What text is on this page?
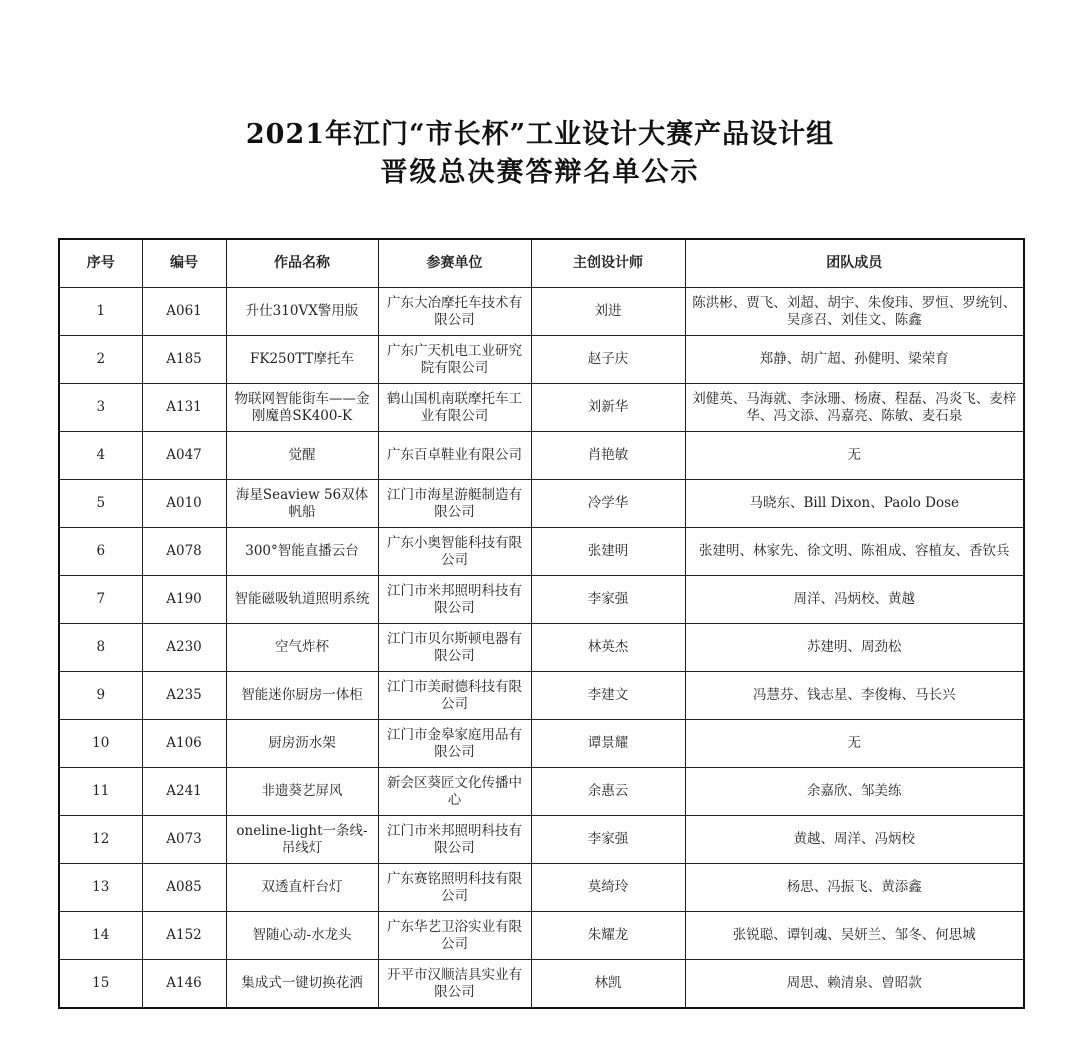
2021年江门“市长杯”工业设计大赛产品设计组
晋级总决赛答辩名单公示
序号	编号	作品名称	参赛单位	主创设计师	团队成员
1	A061	升仕310VX警用版	广东大冶摩托车技术有限公司	刘进	陈洪彬、贾飞、刘超、胡宇、朱俊玮、罗恒、罗统钊、吴彦召、刘佳文、陈鑫
2	A185	FK250TT摩托车	广东广天机电工业研究院有限公司	赵子庆	郑静、胡广超、孙健明、梁荣育
3	A131	物联网智能街车——金刚魔兽SK400-K	鹤山国机南联摩托车工业有限公司	刘新华	刘健英、马海就、李泳珊、杨赓、程磊、冯炎飞、麦梓华、冯文添、冯嘉亮、陈敏、麦石泉
4	A047	觉醒	广东百卓鞋业有限公司	肖艳敏	无
5	A010	海星Seaview 56双体帆船	江门市海星游艇制造有限公司	冷学华	马晓东、Bill Dixon、Paolo Dose
6	A078	300°智能直播云台	广东小奥智能科技有限公司	张建明	张建明、林家先、徐文明、陈祖成、容植友、香钦兵
7	A190	智能磁吸轨道照明系统	江门市米邦照明科技有限公司	李家强	周洋、冯炳校、黄越
8	A230	空气炸杯	江门市贝尔斯顿电器有限公司	林英杰	苏建明、周劲松
9	A235	智能迷你厨房一体柜	江门市美耐德科技有限公司	李建文	冯慧芬、钱志星、李俊梅、马长兴
10	A106	厨房沥水架	江门市金皋家庭用品有限公司	谭景耀	无
11	A241	非遗葵艺屏风	新会区葵匠文化传播中心	余惠云	余嘉欣、邹美练
12	A073	oneline-light一条线-吊线灯	江门市米邦照明科技有限公司	李家强	黄越、周洋、冯炳校
13	A085	双透直杆台灯	广东赛铭照明科技有限公司	莫绮玲	杨思、冯振飞、黄添鑫
14	A152	智随心动-水龙头	广东华艺卫浴实业有限公司	朱耀龙	张锐聪、谭钊魂、吴妍兰、邹冬、何思城
15	A146	集成式一键切换花洒	开平市汉顺洁具实业有限公司	林凯	周思、赖清泉、曾昭款
